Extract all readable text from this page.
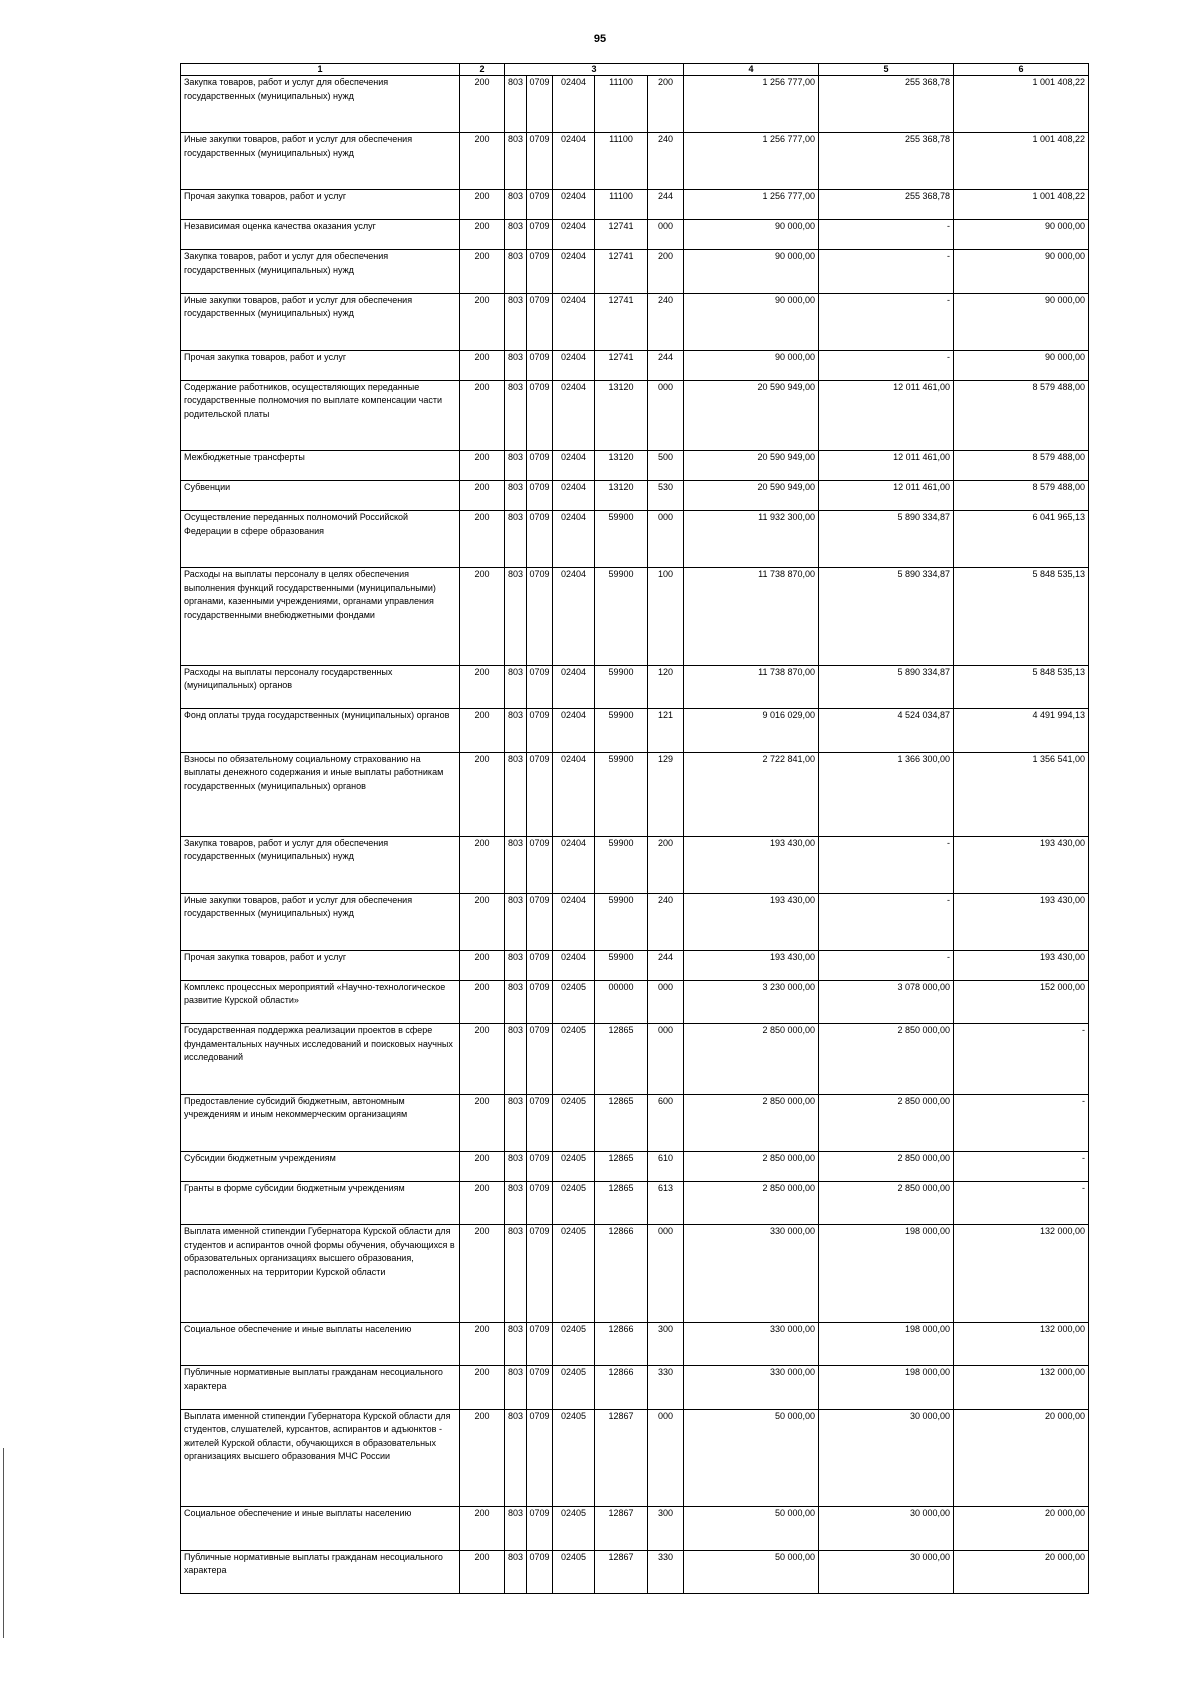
95
1	2	3					4	5	6
Закупка товаров, работ и услуг для обеспечения государственных (муниципальных) нужд	200	803	0709	02404	11100	200	1 256 777,00	255 368,78	1 001 408,22
Иные закупки товаров, работ и услуг для обеспечения государственных (муниципальных) нужд	200	803	0709	02404	11100	240	1 256 777,00	255 368,78	1 001 408,22
Прочая закупка товаров, работ и услуг	200	803	0709	02404	11100	244	1 256 777,00	255 368,78	1 001 408,22
Независимая оценка качества оказания услуг	200	803	0709	02404	12741	000	90 000,00	-	90 000,00
Закупка товаров, работ и услуг для обеспечения государственных (муниципальных) нужд	200	803	0709	02404	12741	200	90 000,00	-	90 000,00
Иные закупки товаров, работ и услуг для обеспечения государственных (муниципальных) нужд	200	803	0709	02404	12741	240	90 000,00	-	90 000,00
Прочая закупка товаров, работ и услуг	200	803	0709	02404	12741	244	90 000,00	-	90 000,00
Содержание работников, осуществляющих переданные государственные полномочия по выплате компенсации части родительской платы	200	803	0709	02404	13120	000	20 590 949,00	12 011 461,00	8 579 488,00
Межбюджетные трансферты	200	803	0709	02404	13120	500	20 590 949,00	12 011 461,00	8 579 488,00
Субвенции	200	803	0709	02404	13120	530	20 590 949,00	12 011 461,00	8 579 488,00
Осуществление переданных полномочий Российской Федерации в сфере образования	200	803	0709	02404	59900	000	11 932 300,00	5 890 334,87	6 041 965,13
Расходы на выплаты персоналу в целях обеспечения выполнения функций государственными (муниципальными) органами, казенными учреждениями, органами управления государственными внебюджетными фондами	200	803	0709	02404	59900	100	11 738 870,00	5 890 334,87	5 848 535,13
Расходы на выплаты персоналу государственных (муниципальных) органов	200	803	0709	02404	59900	120	11 738 870,00	5 890 334,87	5 848 535,13
Фонд оплаты труда государственных (муниципальных) органов	200	803	0709	02404	59900	121	9 016 029,00	4 524 034,87	4 491 994,13
Взносы по обязательному социальному страхованию на выплаты денежного содержания и иные выплаты работникам государственных (муниципальных) органов	200	803	0709	02404	59900	129	2 722 841,00	1 366 300,00	1 356 541,00
Закупка товаров, работ и услуг для обеспечения государственных (муниципальных) нужд	200	803	0709	02404	59900	200	193 430,00	-	193 430,00
Иные закупки товаров, работ и услуг для обеспечения государственных (муниципальных) нужд	200	803	0709	02404	59900	240	193 430,00	-	193 430,00
Прочая закупка товаров, работ и услуг	200	803	0709	02404	59900	244	193 430,00	-	193 430,00
Комплекс процессных мероприятий «Научно-технологическое развитие Курской области»	200	803	0709	02405	00000	000	3 230 000,00	3 078 000,00	152 000,00
Государственная поддержка реализации проектов в сфере фундаментальных научных исследований и поисковых научных исследований	200	803	0709	02405	12865	000	2 850 000,00	2 850 000,00	-
Предоставление субсидий бюджетным, автономным учреждениям и иным некоммерческим организациям	200	803	0709	02405	12865	600	2 850 000,00	2 850 000,00	-
Субсидии бюджетным учреждениям	200	803	0709	02405	12865	610	2 850 000,00	2 850 000,00	-
Гранты в форме субсидии бюджетным учреждениям	200	803	0709	02405	12865	613	2 850 000,00	2 850 000,00	-
Выплата именной стипендии Губернатора Курской области для студентов и аспирантов очной формы обучения, обучающихся в образовательных организациях высшего образования, расположенных на территории Курской области	200	803	0709	02405	12866	000	330 000,00	198 000,00	132 000,00
Социальное обеспечение и иные выплаты населению	200	803	0709	02405	12866	300	330 000,00	198 000,00	132 000,00
Публичные нормативные выплаты гражданам несоциального характера	200	803	0709	02405	12866	330	330 000,00	198 000,00	132 000,00
Выплата именной стипендии Губернатора Курской области для студентов, слушателей, курсантов, аспирантов и адъюнктов - жителей Курской области, обучающихся в образовательных организациях высшего образования МЧС России	200	803	0709	02405	12867	000	50 000,00	30 000,00	20 000,00
Социальное обеспечение и иные выплаты населению	200	803	0709	02405	12867	300	50 000,00	30 000,00	20 000,00
Публичные нормативные выплаты гражданам несоциального характера	200	803	0709	02405	12867	330	50 000,00	30 000,00	20 000,00
